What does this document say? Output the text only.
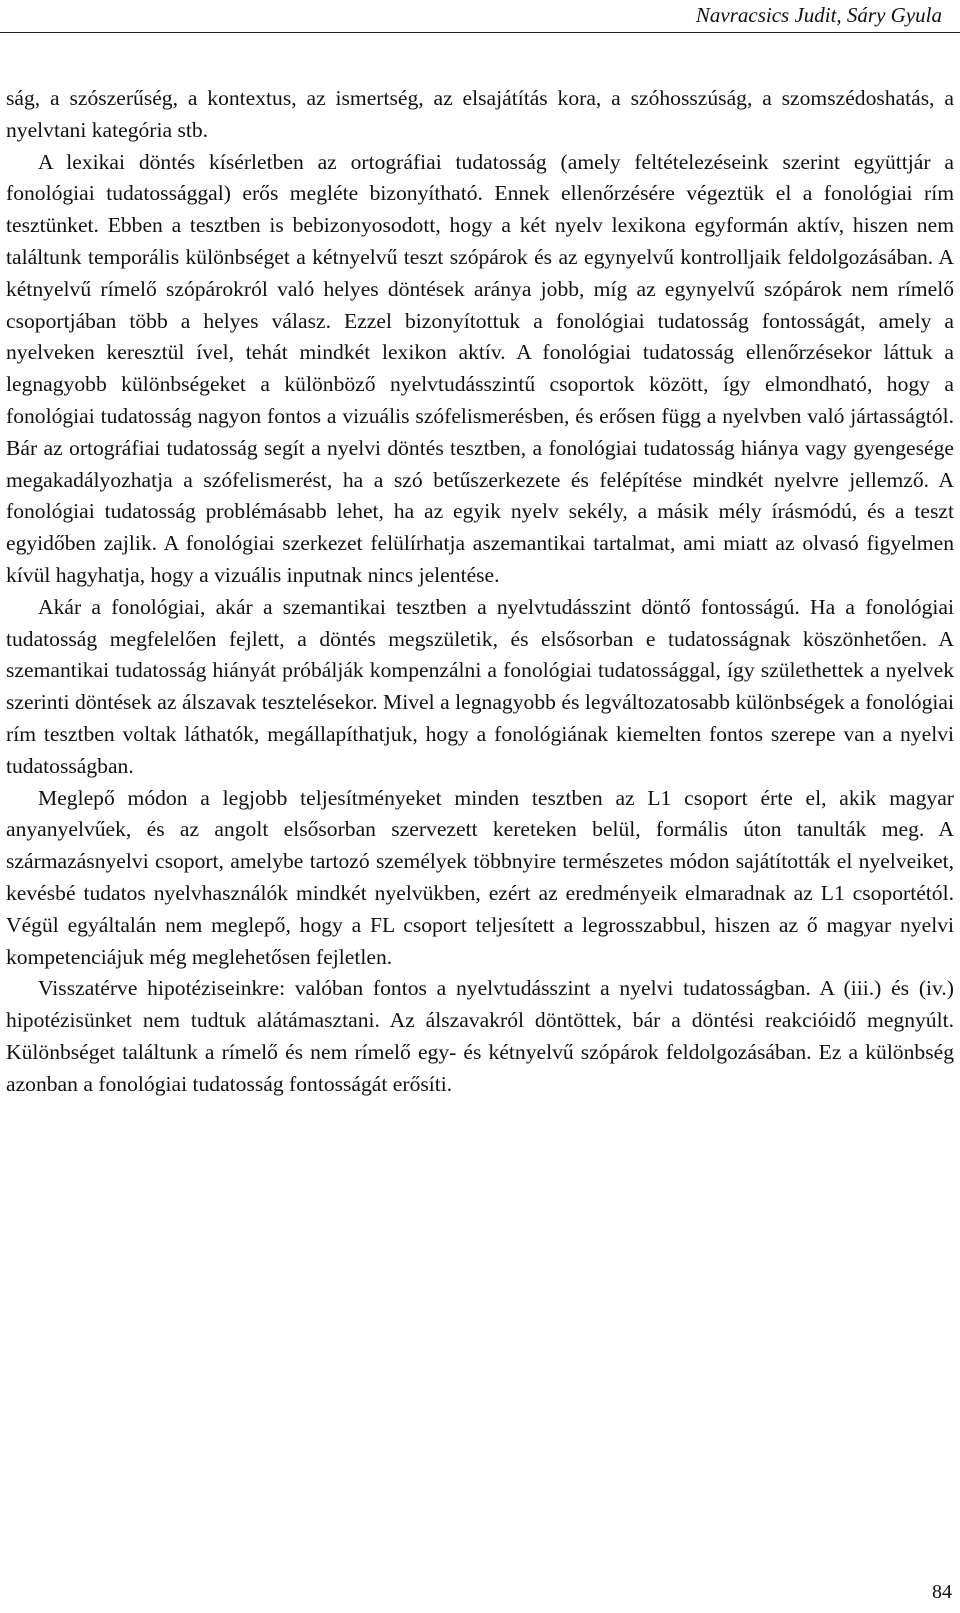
Navracsics Judit, Sáry Gyula

ság, a szószerűség, a kontextus, az ismertség, az elsajátítás kora, a szóhosszúság, a szomszédoshatás, a nyelvtani kategória stb.

A lexikai döntés kísérletben az ortográfiai tudatosság (amely feltételezéseink szerint együttjár a fonológiai tudatossággal) erős megléte bizonyítható. Ennek ellenőrzésére végeztük el a fonológiai rím tesztünket. Ebben a tesztben is bebizonyosodott, hogy a két nyelv lexikona egyformán aktív, hiszen nem találtunk temporális különbséget a kétnyelvű teszt szópárok és az egynyelvű kontrolljaik feldolgozásában. A kétnyelvű rímelő szópárokról való helyes döntések aránya jobb, míg az egynyelvű szópárok nem rímelő csoportjában több a helyes válasz. Ezzel bizonyítottuk a fonológiai tudatosság fontosságát, amely a nyelveken keresztül ível, tehát mindkét lexikon aktív. A fonológiai tudatosság ellenőrzésekor láttuk a legnagyobb különbségeket a különböző nyelvtudásszintű csoportok között, így elmondható, hogy a fonológiai tudatosság nagyon fontos a vizuális szófelismerésben, és erősen függ a nyelvben való jártasságtól. Bár az ortográfiai tudatosság segít a nyelvi döntés tesztben, a fonológiai tudatosság hiánya vagy gyengesége megakadályozhatja a szófelismerést, ha a szó betűszerkezete és felépítése mindkét nyelvre jellemző. A fonológiai tudatosság problémásabb lehet, ha az egyik nyelv sekély, a másik mély írásmódú, és a teszt egyidőben zajlik. A fonológiai szerkezet felülírhatja aszemantikai tartalmat, ami miatt az olvasó figyelmen kívül hagyhatja, hogy a vizuális inputnak nincs jelentése.

Akár a fonológiai, akár a szemantikai tesztben a nyelvtudásszint döntő fontosságú. Ha a fonológiai tudatosság megfelelően fejlett, a döntés megszületik, és elsősorban e tudatosságnak köszönhetően. A szemantikai tudatosság hiányát próbálják kompenzálni a fonológiai tudatossággal, így születhettek a nyelvek szerinti döntések az álszavak tesztelésekor. Mivel a legnagyobb és legváltozatosabb különbségek a fonológiai rím tesztben voltak láthatók, megállapíthatjuk, hogy a fonológiának kiemelten fontos szerepe van a nyelvi tudatosságban.

Meglepő módon a legjobb teljesítményeket minden tesztben az L1 csoport érte el, akik magyar anyanyelvűek, és az angolt elsősorban szervezett kereteken belül, formális úton tanulták meg. A származásnyelvi csoport, amelybe tartozó személyek többnyire természetes módon sajátították el nyelveiket, kevésbé tudatos nyelvhasználók mindkét nyelvükben, ezért az eredményeik elmaradnak az L1 csoportétól. Végül egyáltalán nem meglepő, hogy a FL csoport teljesített a legrosszabbul, hiszen az ő magyar nyelvi kompetenciájuk még meglehetősen fejletlen.

Visszatérve hipotéziseinkre: valóban fontos a nyelvtudásszint a nyelvi tudatosságban. A (iii.) és (iv.) hipotézisünket nem tudtuk alátámasztani. Az álszavakról döntöttek, bár a döntési reakcióidő megnyúlt. Különbséget találtunk a rímelő és nem rímelő egy- és kétnyelvű szópárok feldolgozásában. Ez a különbség azonban a fonológiai tudatosság fontosságát erősíti.

84
